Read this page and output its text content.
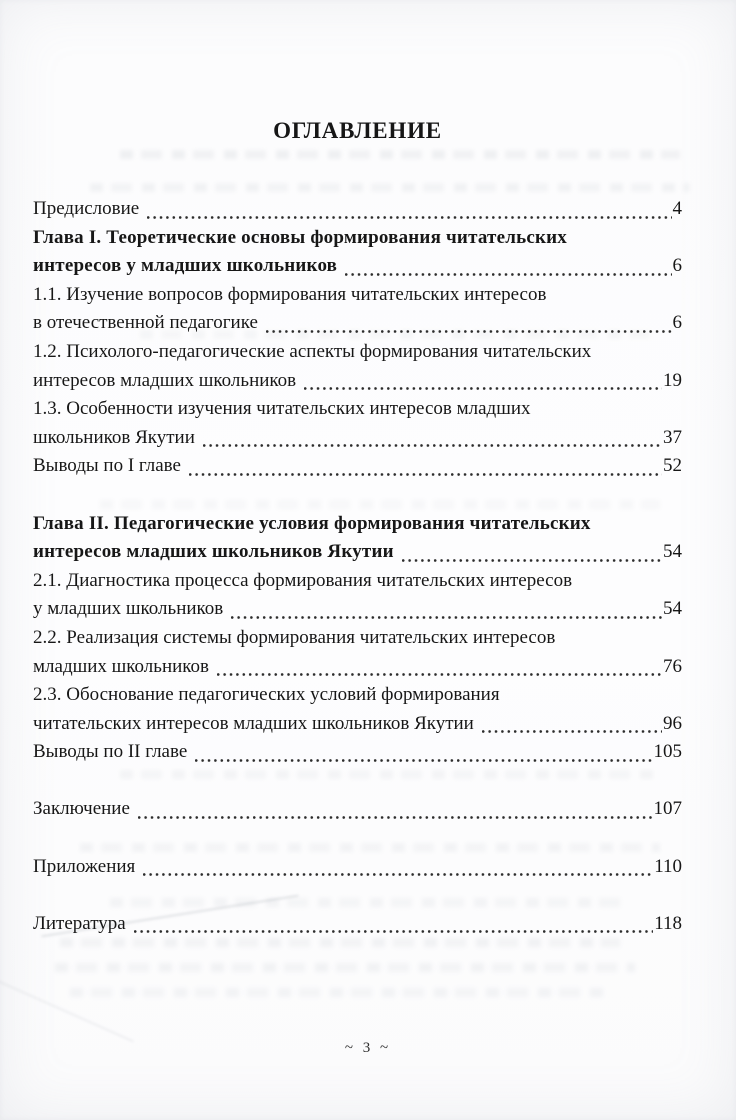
ОГЛАВЛЕНИЕ
Предисловие	4
Глава I. Теоретические основы формирования читательских
интересов у младших школьников	6
1.1. Изучение вопросов формирования читательских интересов
в отечественной педагогике	6
1.2. Психолого-педагогические аспекты формирования читательских
интересов младших школьников	19
1.3. Особенности изучения читательских интересов младших
школьников Якутии	37
Выводы по I главе	52
Глава II. Педагогические условия формирования читательских
интересов младших школьников Якутии	54
2.1. Диагностика процесса формирования читательских интересов
у младших школьников	54
2.2. Реализация системы формирования читательских интересов
младших школьников	76
2.3. Обоснование педагогических условий формирования
читательских интересов младших школьников Якутии	96
Выводы по II главе	105
Заключение	107
Приложения	110
Литература	118
~ 3 ~
